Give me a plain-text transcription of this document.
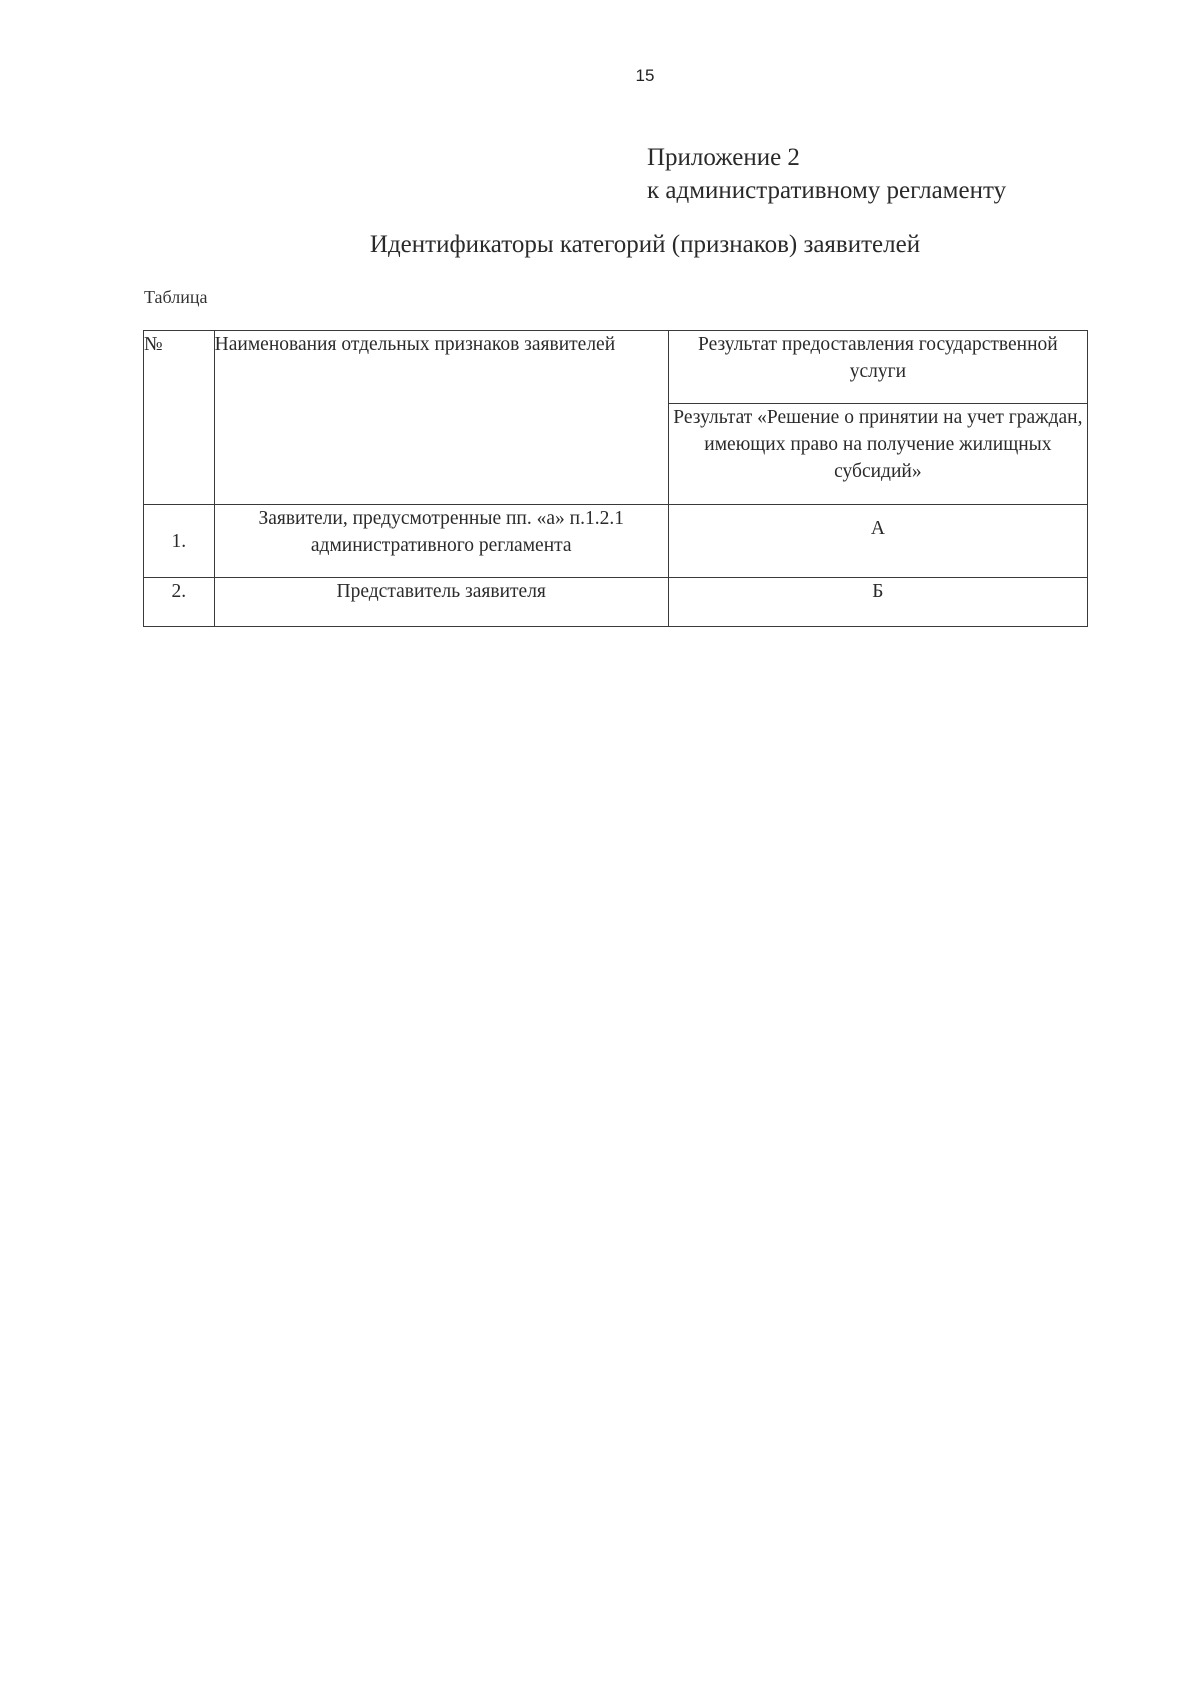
15
Приложение 2
к административному регламенту
Идентификаторы категорий (признаков) заявителей
Таблица
№	Наименования отдельных признаков заявителей	Результат предоставления государственной услуги
		Результат «Решение о принятии на учет граждан, имеющих право на получение жилищных субсидий»
1.	Заявители, предусмотренные пп. «а» п.1.2.1 административного регламента	А
2.	Представитель заявителя	Б
